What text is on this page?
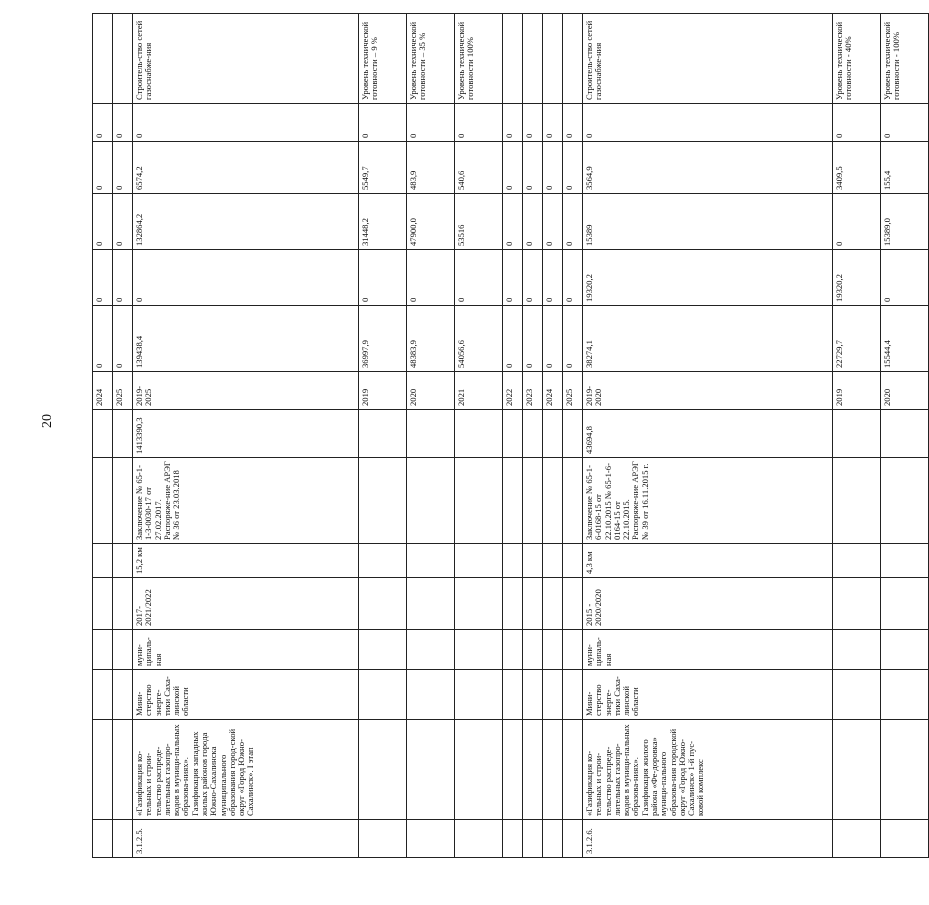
20
								2024	0	0	0	0	0	
								2025	0	0	0	0	0	
3.1.2.5.	«Газификация ко-тельных и строи-тельство распреде-лительных газопро-водов в муници-пальных образова-ниях». Газификация западных жилых районов города Южно-Сахалинска муниципального образования город-ской округ «Город Южно-Сахалинск». I этап	Мини-стерство энерге-тики Саха-линской области	муни-ципаль-ная	2017-2021/2022	15,2 км	Заключение № 65-1-1-3-0030-17 от 27.02.2017. Распоряже-ние АРЭГ № 36 от 23.03.2018	1413390,3	2019-2025	139438,4	0	132864,2	6574,2	0	Строитель-ство сетей газоснабже-ния
								2019	36997,9	0	31448,2	5549,7	0	Уровень технической готовности – 9 %
								2020	48383,9	0	47900,0	483,9	0	Уровень технической готовности – 35 %
								2021	54056,6	0	53516	540,6	0	Уровень технической готовности 100%
								2022	0	0	0	0	0	
								2023	0	0	0	0	0	
								2024	0	0	0	0	0	
								2025	0	0	0	0	0	
3.1.2.6.	«Газификация ко-тельных и строи-тельство распреде-лительных газопро-водов в муници-пальных образова-ниях». Газификация жилого района «Фе-доровка» муници-пального образова-ния городской округ «Город Южно-Сахалинск» 1-й пус-ковой комплекс	Мини-стерство энерге-тики Саха-линской области	муни-ципаль-ная	2015 - 2020/2020	4,3 км	Заключение № 65-1-6-0168-15 от 22.10.2015 № 65-1-6-0164-15 от 22.10.2015. Распоряже-ние АРЭГ № 39 от 16.11.2015 г.	43694,8	2019-2020	38274,1	19320,2	15389	3564,9	0	Строитель-ство сетей газоснабже-ния
								2019	22729,7	19320,2	0	3409,5	0	Уровень технической готовности - 40%
								2020	15544,4	0	15389,0	155,4	0	Уровень технической готовности - 100%
